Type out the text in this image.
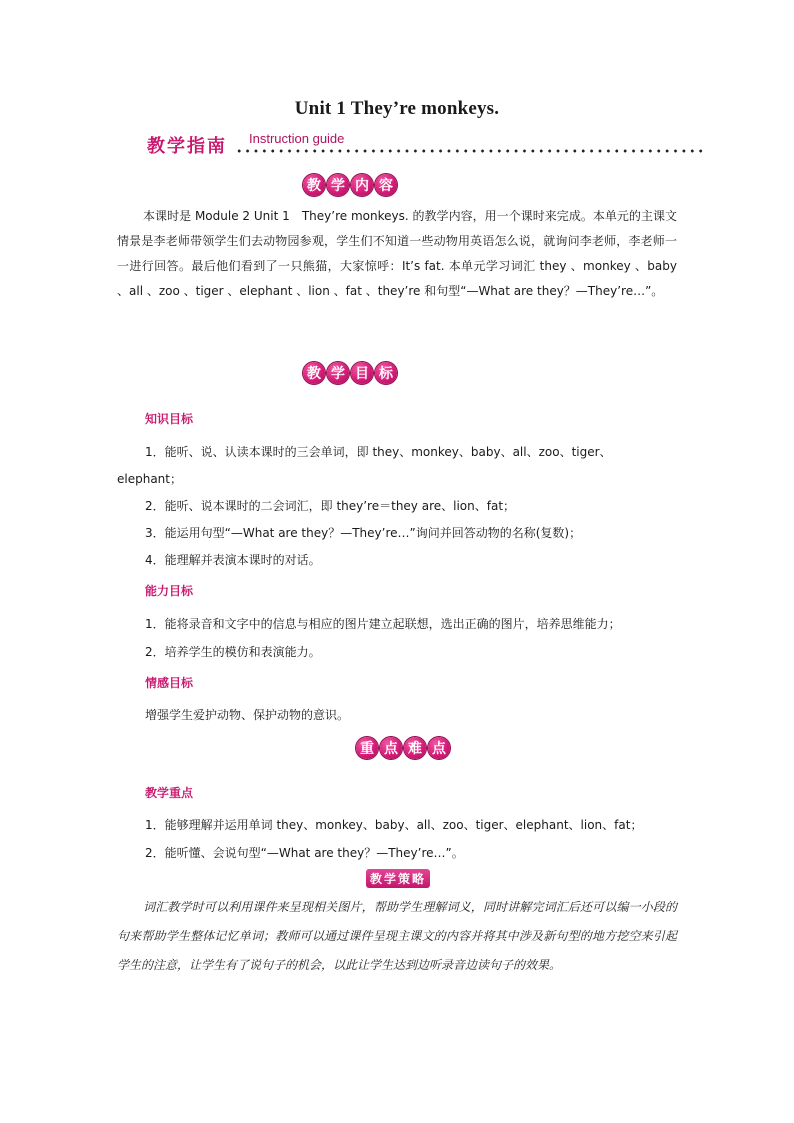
Unit 1 They’re monkeys.
教学指南 Instruction guide
教 学 内 容
本课时是 Module 2 Unit 1　They’re monkeys. 的教学内容，用一个课时来完成。本单元的主课文情景是李老师带领学生们去动物园参观，学生们不知道一些动物用英语怎么说，就询问李老师，李老师一一进行回答。最后他们看到了一只熊猫，大家惊呼：It’s fat. 本单元学习词汇 they 、monkey 、baby 、all 、zoo 、tiger 、elephant 、lion 、fat 、they’re 和句型“—What are they？—They’re…”。
教 学 目 标
知识目标
1．能听、说、认读本课时的三会单词，即 they、monkey、baby、all、zoo、tiger、
elephant；
2．能听、说本课时的二会词汇，即 they’re＝they are、lion、fat；
3．能运用句型“—What are they？—They’re…”询问并回答动物的名称(复数)；
4．能理解并表演本课时的对话。
能力目标
1．能将录音和文字中的信息与相应的图片建立起联想，选出正确的图片，培养思维能力；
2．培养学生的模仿和表演能力。
情感目标
增强学生爱护动物、保护动物的意识。
重 点 难 点
教学重点
1．能够理解并运用单词 they、monkey、baby、all、zoo、tiger、elephant、lion、fat；
2．能听懂、会说句型“—What are they？—They’re…”。
教学策略
词汇教学时可以利用课件来呈现相关图片，帮助学生理解词义，同时讲解完词汇后还可以编一小段的句来帮助学生整体记忆单词；教师可以通过课件呈现主课文的内容并将其中涉及新句型的地方挖空来引起学生的注意，让学生有了说句子的机会，以此让学生达到边听录音边读句子的效果。
